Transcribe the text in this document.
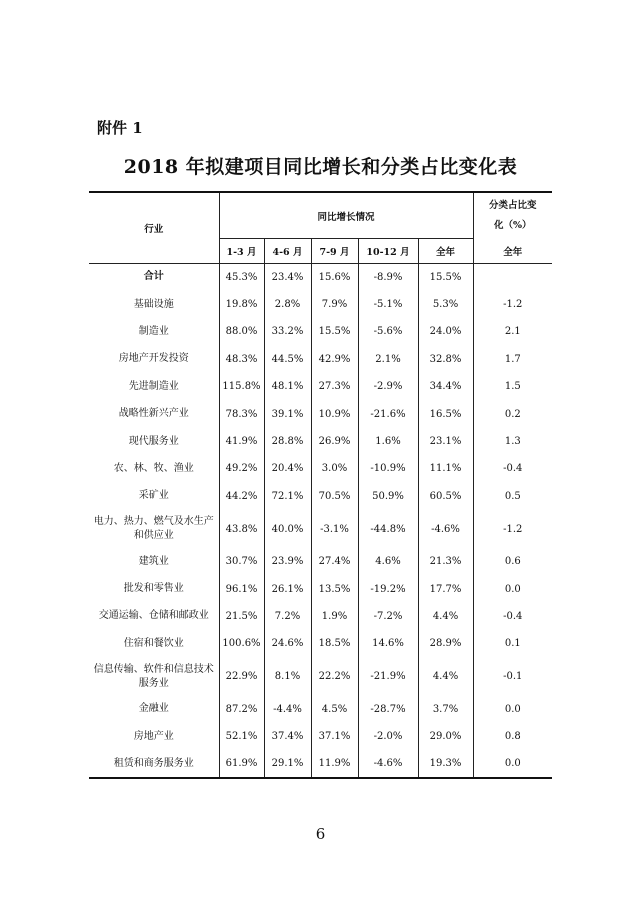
附件 1
2018 年拟建项目同比增长和分类占比变化表
行业	同比增长情况					分类占比变化（%）
	1-3 月	4-6 月	7-9 月	10-12 月	全年	全年
合计	45.3%	23.4%	15.6%	-8.9%	15.5%	
基础设施	19.8%	2.8%	7.9%	-5.1%	5.3%	-1.2
制造业	88.0%	33.2%	15.5%	-5.6%	24.0%	2.1
房地产开发投资	48.3%	44.5%	42.9%	2.1%	32.8%	1.7
先进制造业	115.8%	48.1%	27.3%	-2.9%	34.4%	1.5
战略性新兴产业	78.3%	39.1%	10.9%	-21.6%	16.5%	0.2
现代服务业	41.9%	28.8%	26.9%	1.6%	23.1%	1.3
农、林、牧、渔业	49.2%	20.4%	3.0%	-10.9%	11.1%	-0.4
采矿业	44.2%	72.1%	70.5%	50.9%	60.5%	0.5
电力、热力、燃气及水生产和供应业	43.8%	40.0%	-3.1%	-44.8%	-4.6%	-1.2
建筑业	30.7%	23.9%	27.4%	4.6%	21.3%	0.6
批发和零售业	96.1%	26.1%	13.5%	-19.2%	17.7%	0.0
交通运输、仓储和邮政业	21.5%	7.2%	1.9%	-7.2%	4.4%	-0.4
住宿和餐饮业	100.6%	24.6%	18.5%	14.6%	28.9%	0.1
信息传输、软件和信息技术服务业	22.9%	8.1%	22.2%	-21.9%	4.4%	-0.1
金融业	87.2%	-4.4%	4.5%	-28.7%	3.7%	0.0
房地产业	52.1%	37.4%	37.1%	-2.0%	29.0%	0.8
租赁和商务服务业	61.9%	29.1%	11.9%	-4.6%	19.3%	0.0
6
